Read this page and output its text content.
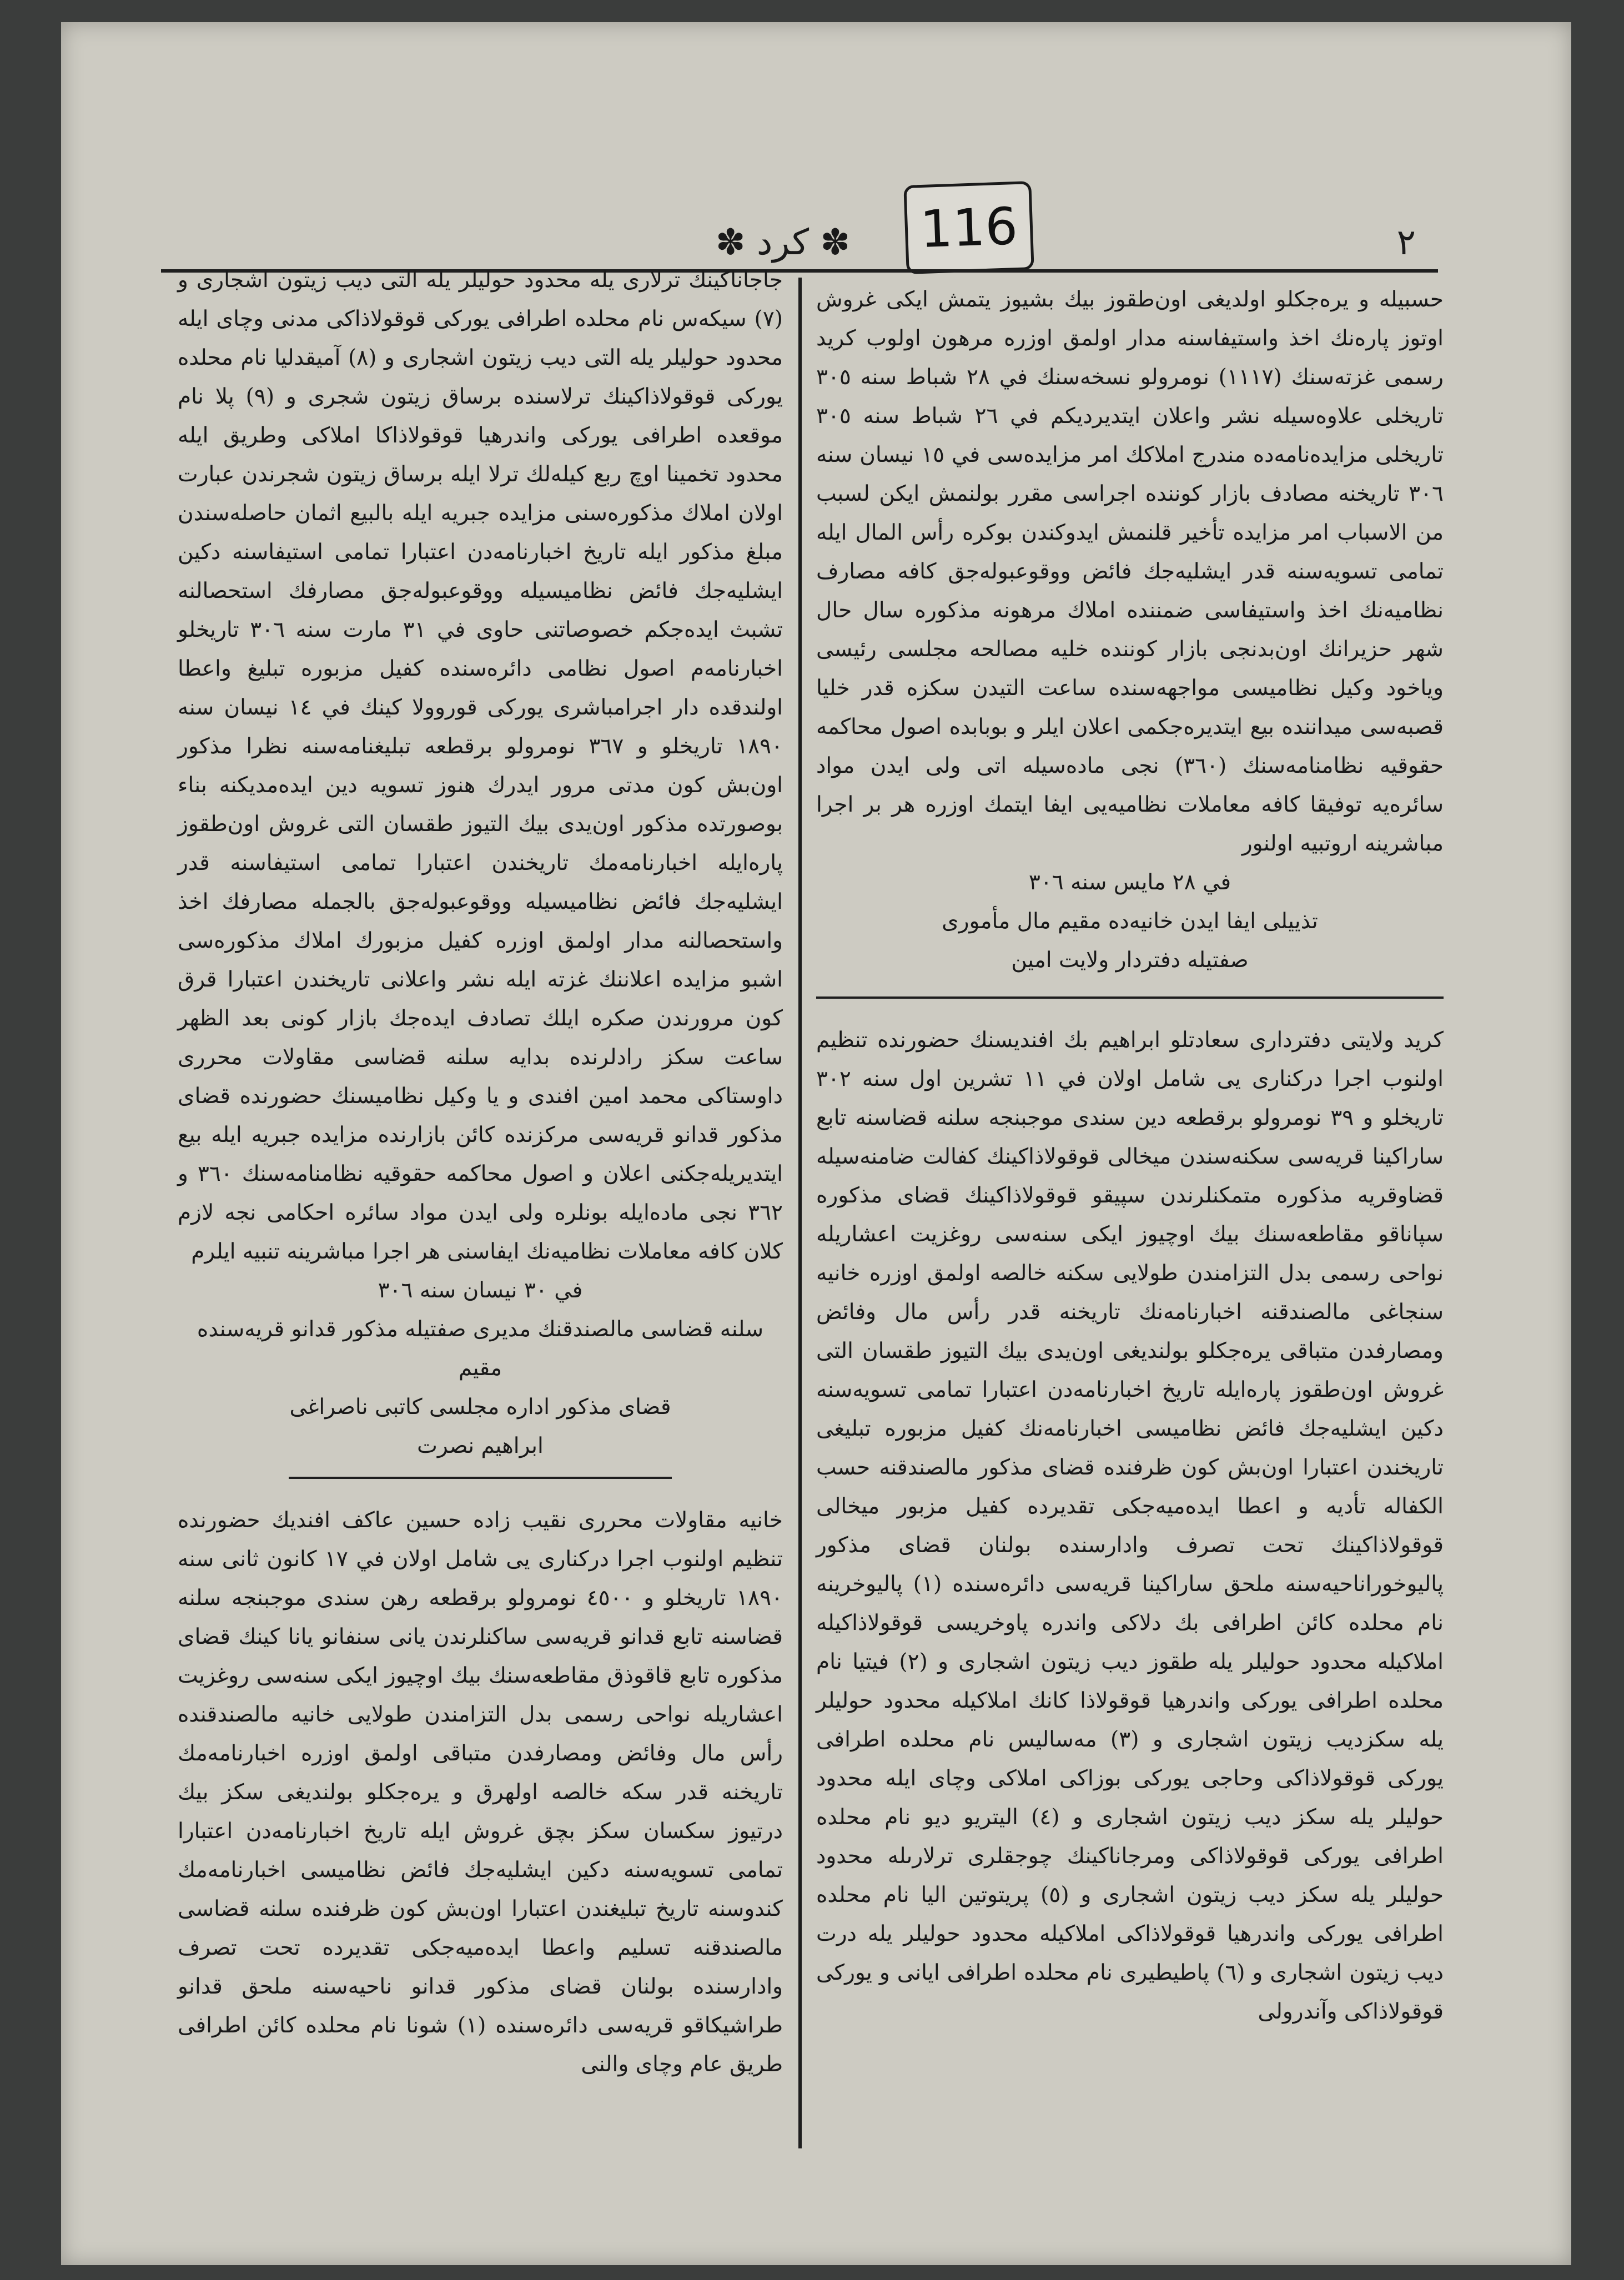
٢
✽ كرد ✽ 116

حسبيله و يره‌جكلو اولديغى اون‌طقوز بيك بشيوز يتمش ايكى غروش اوتوز پاره‌نك اخذ واستيفاسنه مدار اولمق اوزره مرهون اولوب كريد رسمى غزته‌سنك (١١١٧) نومرولو نسخه‌سنك في ٢٨ شباط سنه ٣٠٥ تاريخلى علاوه‌سيله نشر واعلان ايتديرديكم في ٢٦ شباط سنه ٣٠٥ تاريخلى مزايده‌نامه‌ده مندرج املاكك امر مزايده‌سى في ١٥ نيسان سنه ٣٠٦ تاريخنه مصادف بازار كوننده اجراسى مقرر بولنمش ايكن لسبب من الاسباب امر مزايده تأخير قلنمش ايدوكندن بوكره رأس المال ايله تمامى تسويه‌سنه قدر ايشليه‌جك فائض ووقوعبوله‌جق كافه مصارف نظاميه‌نك اخذ واستيفاسى ضمننده املاك مرهونه مذكوره سال حال شهر حزيرانك اون‌بدنجى بازار كوننده خليه مصالحه مجلسى رئيسى وياخود وكيل نظاميسى مواجهه‌سنده ساعت التيدن سكزه قدر خليا قصبه‌سى ميداننده بيع ايتديره‌جكمى اعلان ايلر و بوبابده اصول محاكمه حقوقيه نظامنامه‌سنك (٣٦٠) نجى ماده‌سيله اتى ولى ايدن مواد سائره‌يه توفيقا كافه معاملات نظاميه‌يى ايفا ايتمك اوزره هر بر اجرا مباشرينه اروتبيه اولنور

في ٢٨ مايس سنه ٣٠٦

تذييلى ايفا ايدن خانيه‌ده مقيم مال مأمورى

صفتيله دفتردار ولايت امين

كريد ولايتى دفتردارى سعادتلو ابراهيم بك افنديسنك حضورنده تنظيم اولنوب اجرا دركنارى يى شامل اولان في ١١ تشرين اول سنه ٣٠٢ تاريخلو و ٣٩ نومرولو برقطعه دين سندى موجبنجه سلنه قضاسنه تابع ساراكينا قريه‌سى سكنه‌سندن ميخالى قوقولاذاكينك كفالت ضامنه‌سيله قضاوقريه مذكوره متمكنلرندن سپيقو قوقولاذاكينك قضاى مذكوره سپاناقو مقاطعه‌سنك بيك اوچيوز ايكى سنه‌سى روغزيت اعشاريله نواحى رسمى بدل التزامندن طولايى سكنه خالصه اولمق اوزره خانيه سنجاغى مالصندقنه اخبارنامه‌نك تاريخنه قدر رأس مال وفائض ومصارفدن متباقى يره‌جكلو بولنديغى اون‌يدى بيك التيوز طقسان التى غروش اون‌طقوز پاره‌ايله تاريخ اخبارنامه‌دن اعتبارا تمامى تسويه‌سنه دكين ايشليه‌جك فائض نظاميسى اخبارنامه‌نك كفيل مزبوره تبليغى تاريخندن اعتبارا اون‌بش كون ظرفنده قضاى مذكور مالصندقنه حسب الكفاله تأديه و اعطا ايده‌ميه‌جكى تقديرده كفيل مزبور ميخالى قوقولاذاكينك تحت تصرف وادارسنده بولنان قضاى مذكور پاليوخوراناحيه‌سنه ملحق ساراكينا قريه‌سى دائره‌سنده (١) پاليوخرينه نام محلده كائن اطرافى بك دلاكى واندره پاوخريسى قوقولاذاكيله املاكيله محدود حوليلر يله طقوز ديب زيتون اشجارى و (٢) فيتيا نام محلده اطرافى يوركى واندرهيا قوقولاذا كانك املاكيله محدود حوليلر يله سكزديب زيتون اشجارى و (٣) مه‌ساليس نام محلده اطرافى يوركى قوقولاذاكى وحاجى يوركى بوزاكى املاكى وچاى ايله محدود حوليلر يله سكز ديب زيتون اشجارى و (٤) اليتريو ديو نام محلده اطرافى يوركى قوقولاذاكى ومرجاناكينك چوجقلرى ترلارىله محدود حوليلر يله سكز ديب زيتون اشجارى و (٥) پريتوتين اليا نام محلده اطرافى يوركى واندرهيا قوقولاذاكى املاكيله محدود حوليلر يله درت ديب زيتون اشجارى و (٦) پاطيطيرى نام محلده اطرافى ايانى و يوركى قوقولاذاكى وآندرولى

جاجاناكينك ترلارى يله محدود حوليلر يله التى ديب زيتون اشجارى و (٧) سيكه‌س نام محلده اطرافى يوركى قوقولاذاكى مدنى وچاى ايله محدود حوليلر يله التى ديب زيتون اشجارى و (٨) آميقدليا نام محلده يوركى قوقولاذاكينك ترلاسنده برساق زيتون شجرى و (٩) پلا نام موقعده اطرافى يوركى واندرهيا قوقولاذاكا املاكى وطريق ايله محدود تخمينا اوچ ربع كيله‌لك ترلا ايله برساق زيتون شجرندن عبارت اولان املاك مذكوره‌سنى مزايده جبريه ايله بالبيع اثمان حاصله‌سندن مبلغ مذكور ايله تاريخ اخبارنامه‌دن اعتبارا تمامى استيفاسنه دكين ايشليه‌جك فائض نظاميسيله ووقوعبوله‌جق مصارفك استحصالنه تشبث ايده‌جكم خصوصاتنى حاوى في ٣١ مارت سنه ٣٠٦ تاريخلو اخبارنامه‌م اصول نظامى دائره‌سنده كفيل مزبوره تبليغ واعطا اولندقده دار اجرامباشرى يوركى قوروولا كينك في ١٤ نيسان سنه ١٨٩٠ تاريخلو و ٣٦٧ نومرولو برقطعه تبليغنامه‌سنه نظرا مذكور اون‌بش كون مدتى مرور ايدرك هنوز تسويه دين ايده‌مديكنه بناء بوصورتده مذكور اون‌يدى بيك التيوز طقسان التى غروش اون‌طقوز پاره‌ايله اخبارنامه‌مك تاريخندن اعتبارا تمامى استيفاسنه قدر ايشليه‌جك فائض نظاميسيله ووقوعبوله‌جق بالجمله مصارفك اخذ واستحصالنه مدار اولمق اوزره كفيل مزبورك املاك مذكوره‌سى اشبو مزايده اعلاننك غزته ايله نشر واعلانى تاريخندن اعتبارا قرق كون مرورندن صكره ايلك تصادف ايده‌جك بازار كونى بعد الظهر ساعت سكز رادلرنده بدايه سلنه قضاسى مقاولات محررى داوستاكى محمد امين افندى و يا وكيل نظاميسنك حضورنده قضاى مذكور قدانو قريه‌سى مركزنده كائن بازارنده مزايده جبريه ايله بيع ايتديريله‌جكنى اعلان و اصول محاكمه حقوقيه نظامنامه‌سنك ٣٦٠ و ٣٦٢ نجى ماده‌ايله بونلره ولى ايدن مواد سائره احكامى نجه لازم كلان كافه معاملات نظاميه‌نك ايفاسنى هر اجرا مباشرينه تنبيه ايلرم

في ٣٠ نيسان سنه ٣٠٦

سلنه قضاسى مالصندقنك مديرى صفتيله مذكور قدانو قريه‌سنده مقيم

قضاى مذكور اداره مجلسى كاتبى ناصراغى

ابراهيم نصرت

خانيه مقاولات محررى نقيب زاده حسين عاكف افنديك حضورنده تنظيم اولنوب اجرا دركنارى يى شامل اولان في ١٧ كانون ثانى سنه ١٨٩٠ تاريخلو و ٤٥٠٠ نومرولو برقطعه رهن سندى موجبنجه سلنه قضاسنه تابع قدانو قريه‌سى ساكنلرندن يانى سنفانو يانا كينك قضاى مذكوره تابع قاقوذق مقاطعه‌سنك بيك اوچيوز ايكى سنه‌سى روغزيت اعشاريله نواحى رسمى بدل التزامندن طولايى خانيه مالصندقنده رأس مال وفائض ومصارفدن متباقى اولمق اوزره اخبارنامه‌مك تاريخنه قدر سكه خالصه اولهرق و يره‌جكلو بولنديغى سكز بيك درتيوز سكسان سكز بچق غروش ايله تاريخ اخبارنامه‌دن اعتبارا تمامى تسويه‌سنه دكين ايشليه‌جك فائض نظاميسى اخبارنامه‌مك كندوسنه تاريخ تبليغندن اعتبارا اون‌بش كون ظرفنده سلنه قضاسى مالصندقنه تسليم واعطا ايده‌ميه‌جكى تقديرده تحت تصرف وادارسنده بولنان قضاى مذكور قدانو ناحيه‌سنه ملحق قدانو طراشيكاقو قريه‌سى دائره‌سنده (١) شونا نام محلده كائن اطرافى طريق عام وچاى والنى
